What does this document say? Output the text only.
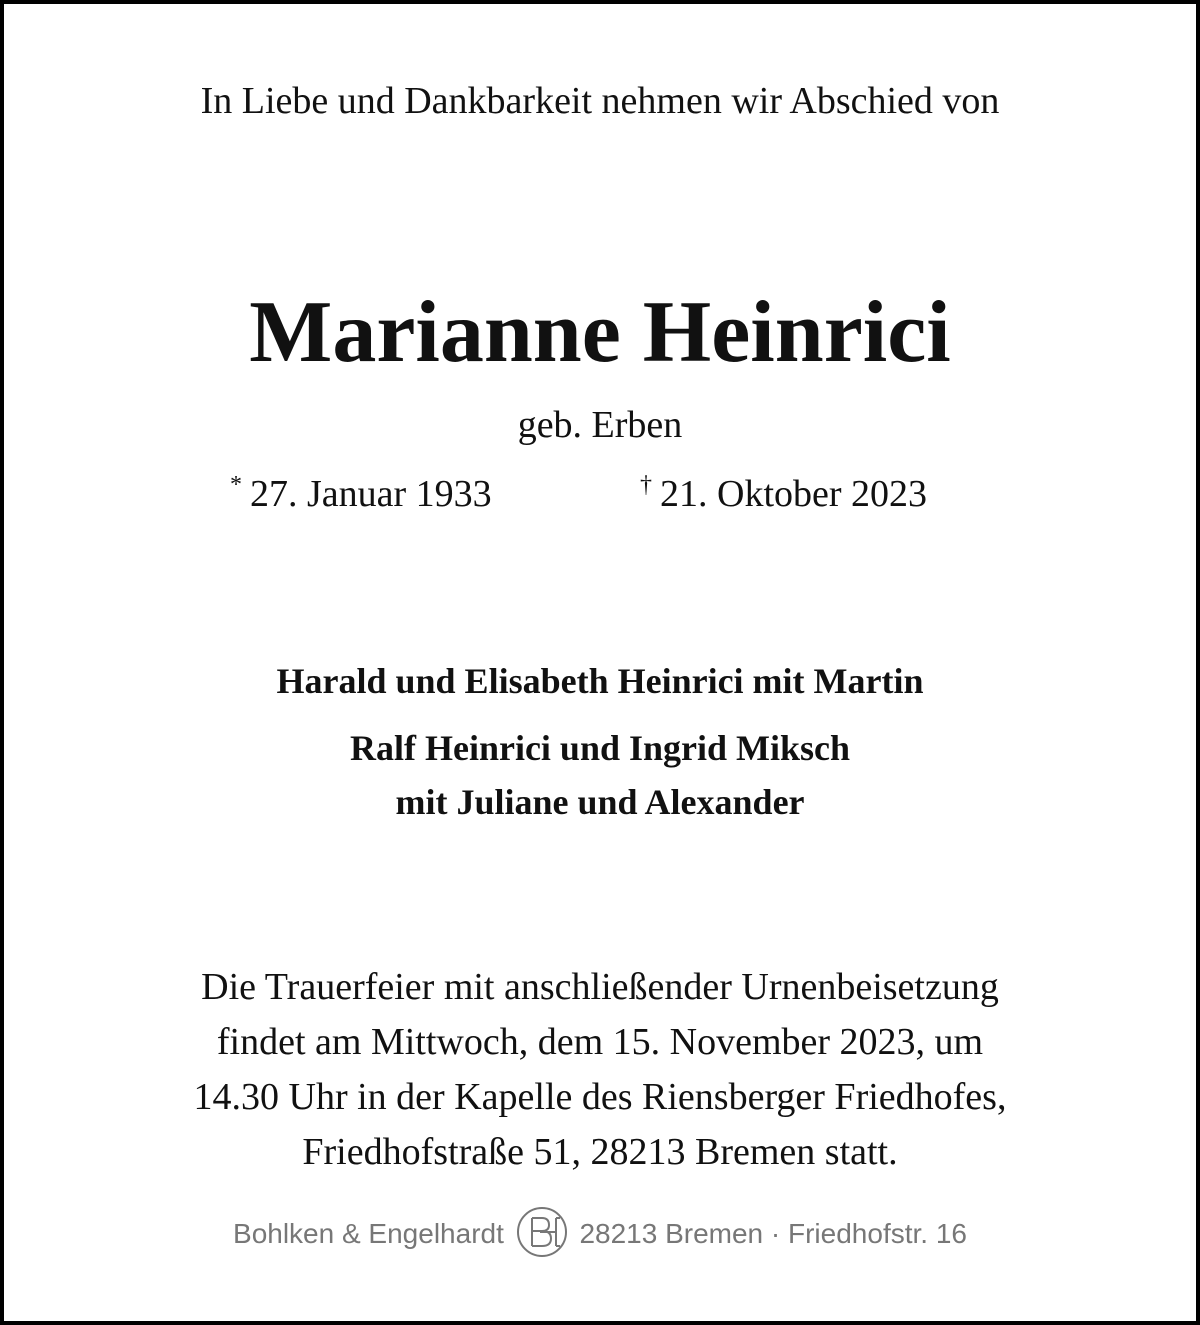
In Liebe und Dankbarkeit nehmen wir Abschied von
Marianne Heinrici
geb. Erben
* 27. Januar 1933	† 21. Oktober 2023
Harald und Elisabeth Heinrici mit Martin
Ralf Heinrici und Ingrid Miksch
mit Juliane und Alexander
Die Trauerfeier mit anschließender Urnenbeisetzung
findet am Mittwoch, dem 15. November 2023, um
14.30 Uhr in der Kapelle des Riensberger Friedhofes,
Friedhofstraße 51, 28213 Bremen statt.
Bohlken & Engelhardt	28213 Bremen · Friedhofstr. 16
